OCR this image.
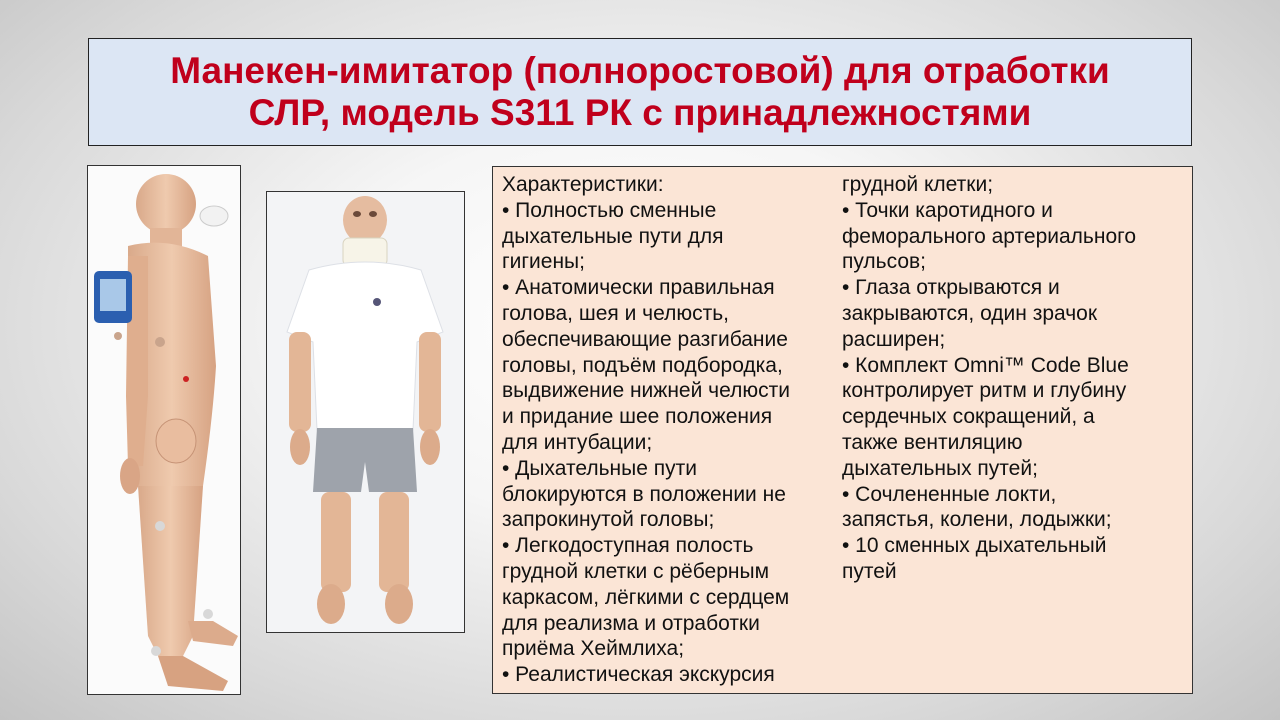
Манекен-имитатор (полноростовой) для отработки
СЛР, модель S311 РК с принадлежностями
Характеристики:
• Полностью сменные
дыхательные пути для
гигиены;
• Анатомически правильная
голова, шея и челюсть,
обеспечивающие разгибание
головы, подъём подбородка,
выдвижение нижней челюсти
и придание шее положения
для интубации;
• Дыхательные пути
блокируются в положении не
запрокинутой головы;
• Легкодоступная полость
грудной клетки с рёберным
каркасом, лёгкими с сердцем
для реализма и отработки
приёма Хеймлиха;
• Реалистическая экскурсия
грудной клетки;
• Точки каротидного и
феморального артериального
пульсов;
• Глаза открываются и
закрываются, один зрачок
расширен;
• Комплект Omni™ Code Blue
контролирует ритм и глубину
сердечных сокращений, а
также вентиляцию
дыхательных путей;
• Сочлененные локти,
запястья, колени, лодыжки;
• 10 сменных дыхательный
путей
